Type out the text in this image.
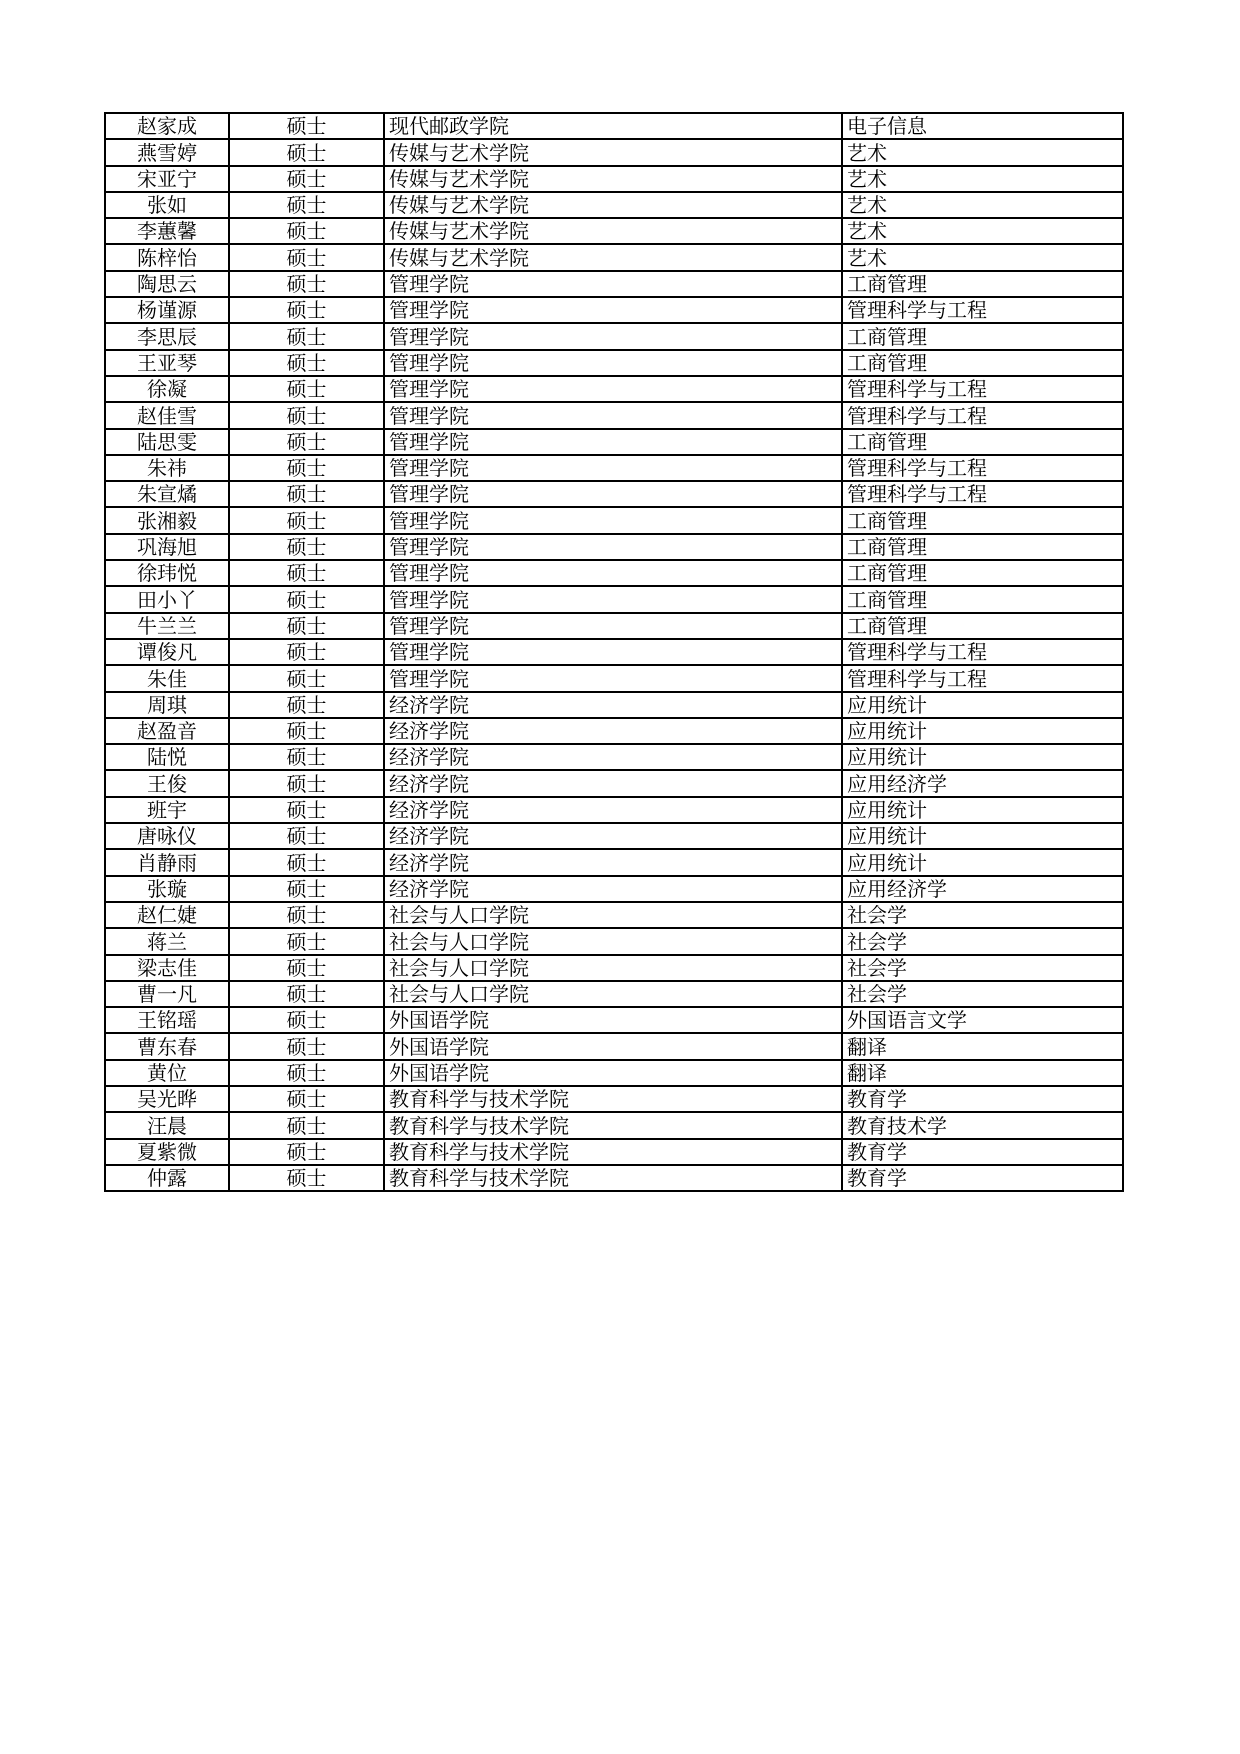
赵家成	硕士	现代邮政学院	电子信息
燕雪婷	硕士	传媒与艺术学院	艺术
宋亚宁	硕士	传媒与艺术学院	艺术
张如	硕士	传媒与艺术学院	艺术
李蕙馨	硕士	传媒与艺术学院	艺术
陈梓怡	硕士	传媒与艺术学院	艺术
陶思云	硕士	管理学院	工商管理
杨谨源	硕士	管理学院	管理科学与工程
李思辰	硕士	管理学院	工商管理
王亚琴	硕士	管理学院	工商管理
徐凝	硕士	管理学院	管理科学与工程
赵佳雪	硕士	管理学院	管理科学与工程
陆思雯	硕士	管理学院	工商管理
朱祎	硕士	管理学院	管理科学与工程
朱宣燏	硕士	管理学院	管理科学与工程
张湘毅	硕士	管理学院	工商管理
巩海旭	硕士	管理学院	工商管理
徐玮悦	硕士	管理学院	工商管理
田小丫	硕士	管理学院	工商管理
牛兰兰	硕士	管理学院	工商管理
谭俊凡	硕士	管理学院	管理科学与工程
朱佳	硕士	管理学院	管理科学与工程
周琪	硕士	经济学院	应用统计
赵盈音	硕士	经济学院	应用统计
陆悦	硕士	经济学院	应用统计
王俊	硕士	经济学院	应用经济学
班宇	硕士	经济学院	应用统计
唐咏仪	硕士	经济学院	应用统计
肖静雨	硕士	经济学院	应用统计
张璇	硕士	经济学院	应用经济学
赵仁婕	硕士	社会与人口学院	社会学
蒋兰	硕士	社会与人口学院	社会学
梁志佳	硕士	社会与人口学院	社会学
曹一凡	硕士	社会与人口学院	社会学
王铭瑶	硕士	外国语学院	外国语言文学
曹东春	硕士	外国语学院	翻译
黄位	硕士	外国语学院	翻译
吴光晔	硕士	教育科学与技术学院	教育学
汪晨	硕士	教育科学与技术学院	教育技术学
夏紫微	硕士	教育科学与技术学院	教育学
仲露	硕士	教育科学与技术学院	教育学
